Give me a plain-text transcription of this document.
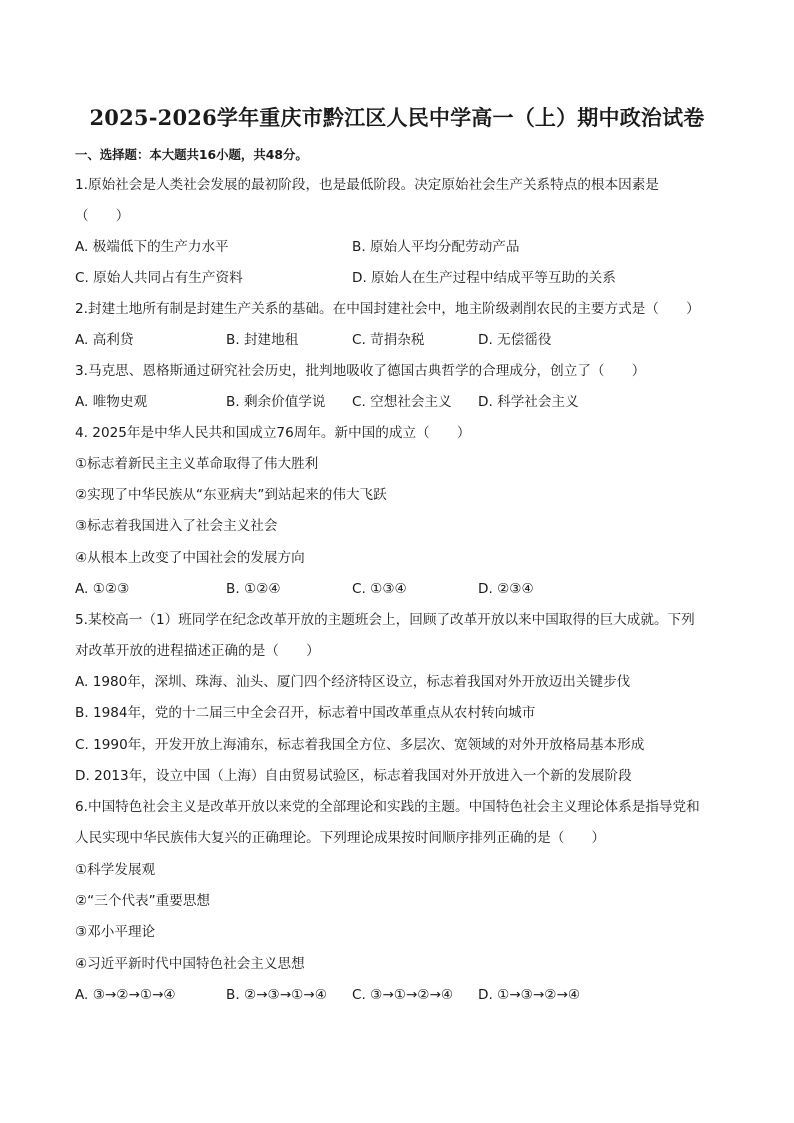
2025-2026学年重庆市黔江区人民中学高一（上）期中政治试卷
一、选择题：本大题共16小题，共48分。
1.原始社会是人类社会发展的最初阶段，也是最低阶段。决定原始社会生产关系特点的根本因素是
（　　）
A. 极端低下的生产力水平	B. 原始人平均分配劳动产品
C. 原始人共同占有生产资料	D. 原始人在生产过程中结成平等互助的关系
2.封建土地所有制是封建生产关系的基础。在中国封建社会中，地主阶级剥削农民的主要方式是（　　）
A. 高利贷	B. 封建地租	C. 苛捐杂税	D. 无偿徭役
3.马克思、恩格斯通过研究社会历史，批判地吸收了德国古典哲学的合理成分，创立了（　　）
A. 唯物史观	B. 剩余价值学说 C. 空想社会主义 D. 科学社会主义
4. 2025年是中华人民共和国成立76周年。新中国的成立（　　）
①标志着新民主主义革命取得了伟大胜利
②实现了中华民族从“东亚病夫”到站起来的伟大飞跃
③标志着我国进入了社会主义社会
④从根本上改变了中国社会的发展方向
A. ①②③	B. ①②④	C. ①③④	D. ②③④
5.某校高一（1）班同学在纪念改革开放的主题班会上，回顾了改革开放以来中国取得的巨大成就。下列
对改革开放的进程描述正确的是（　　）
A. 1980年，深圳、珠海、汕头、厦门四个经济特区设立，标志着我国对外开放迈出关键步伐
B. 1984年，党的十二届三中全会召开，标志着中国改革重点从农村转向城市
C. 1990年，开发开放上海浦东，标志着我国全方位、多层次、宽领域的对外开放格局基本形成
D. 2013年，设立中国（上海）自由贸易试验区，标志着我国对外开放进入一个新的发展阶段
6.中国特色社会主义是改革开放以来党的全部理论和实践的主题。中国特色社会主义理论体系是指导党和
人民实现中华民族伟大复兴的正确理论。下列理论成果按时间顺序排列正确的是（　　）
①科学发展观
②“三个代表”重要思想
③邓小平理论
④习近平新时代中国特色社会主义思想
A. ③→②→①→④	B. ②→③→①→④ C. ③→①→②→④ D. ①→③→②→④
